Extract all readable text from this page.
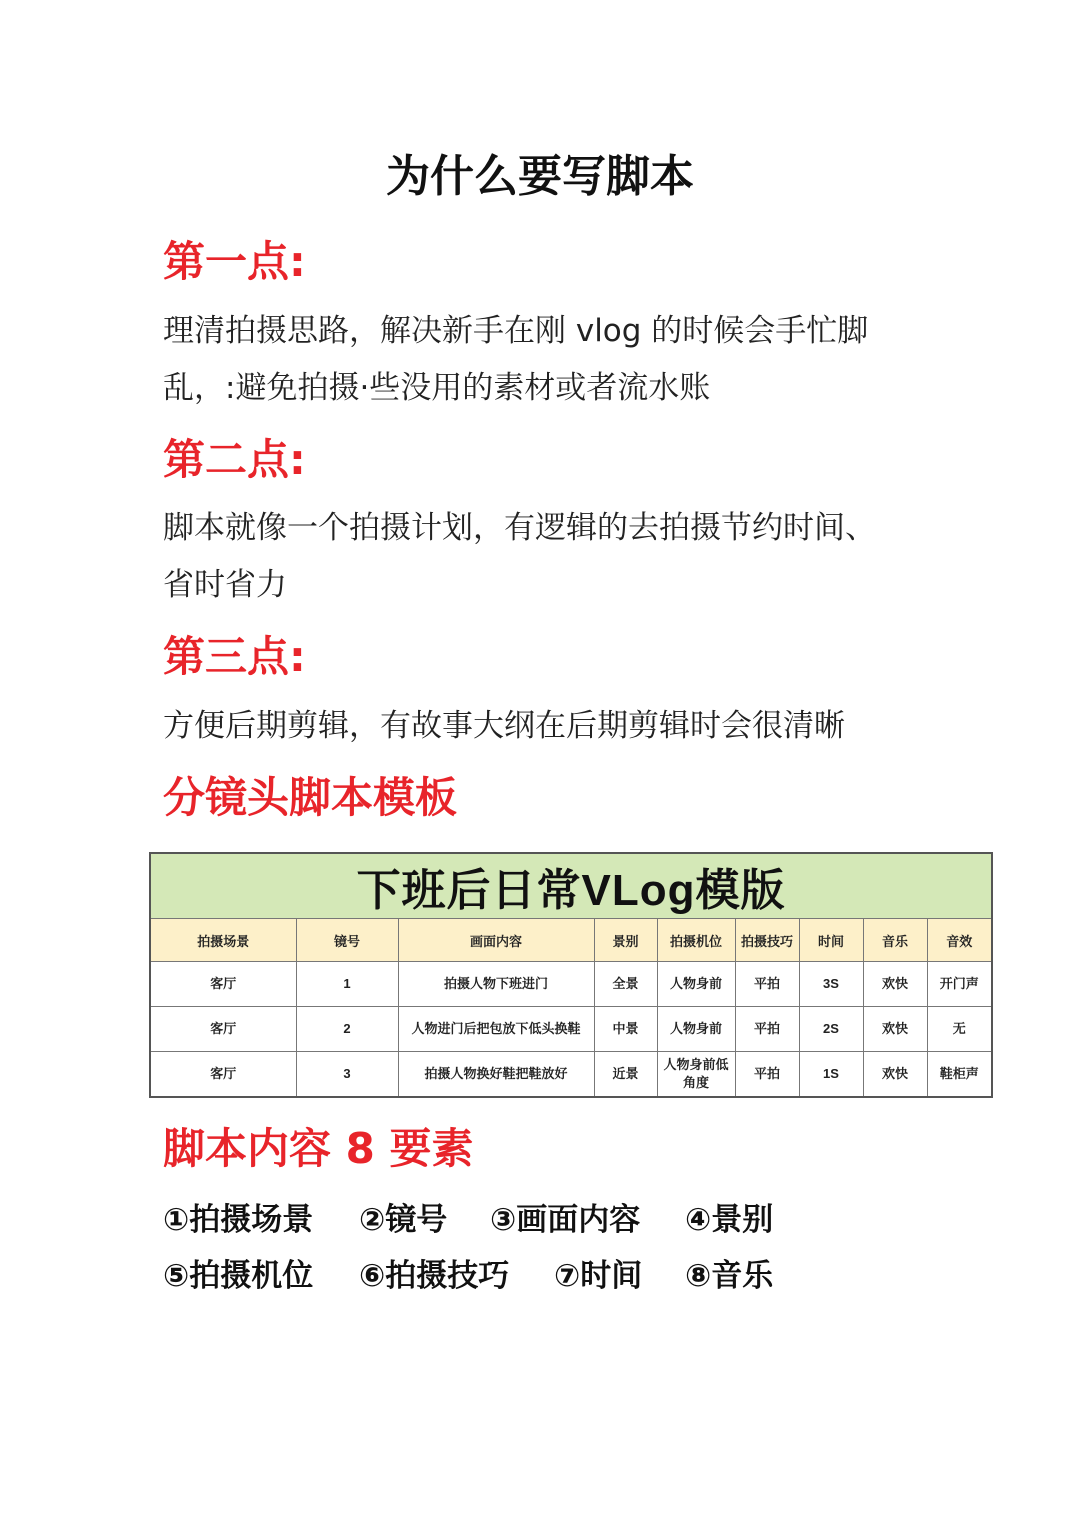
为什么要写脚本
第一点:

理清拍摄思路，解决新手在刚 vlog 的时候会手忙脚

乱，:避免拍摄·些没用的素材或者流水账

第二点:

脚本就像一个拍摄计划，有逻辑的去拍摄节约时间、

省时省力

第三点:

方便后期剪辑，有故事大纲在后期剪辑时会很清晰

分镜头脚本模板
下班后日常VLog模版								
拍摄场景	镜号	画面内容	景别	拍摄机位	拍摄技巧	时间	音乐	音效
客厅	1	拍摄人物下班进门	全景	人物身前	平拍	3S	欢快	开门声
客厅	2	人物进门后把包放下低头换鞋	中景	人物身前	平拍	2S	欢快	无
客厅	3	拍摄人物换好鞋把鞋放好	近景	人物身前低角度	平拍	1S	欢快	鞋柜声
脚本内容 8 要素
①拍摄场景 ②镜号 ③画面内容 ④景别
⑤拍摄机位 ⑥拍摄技巧 ⑦时间 ⑧音乐
